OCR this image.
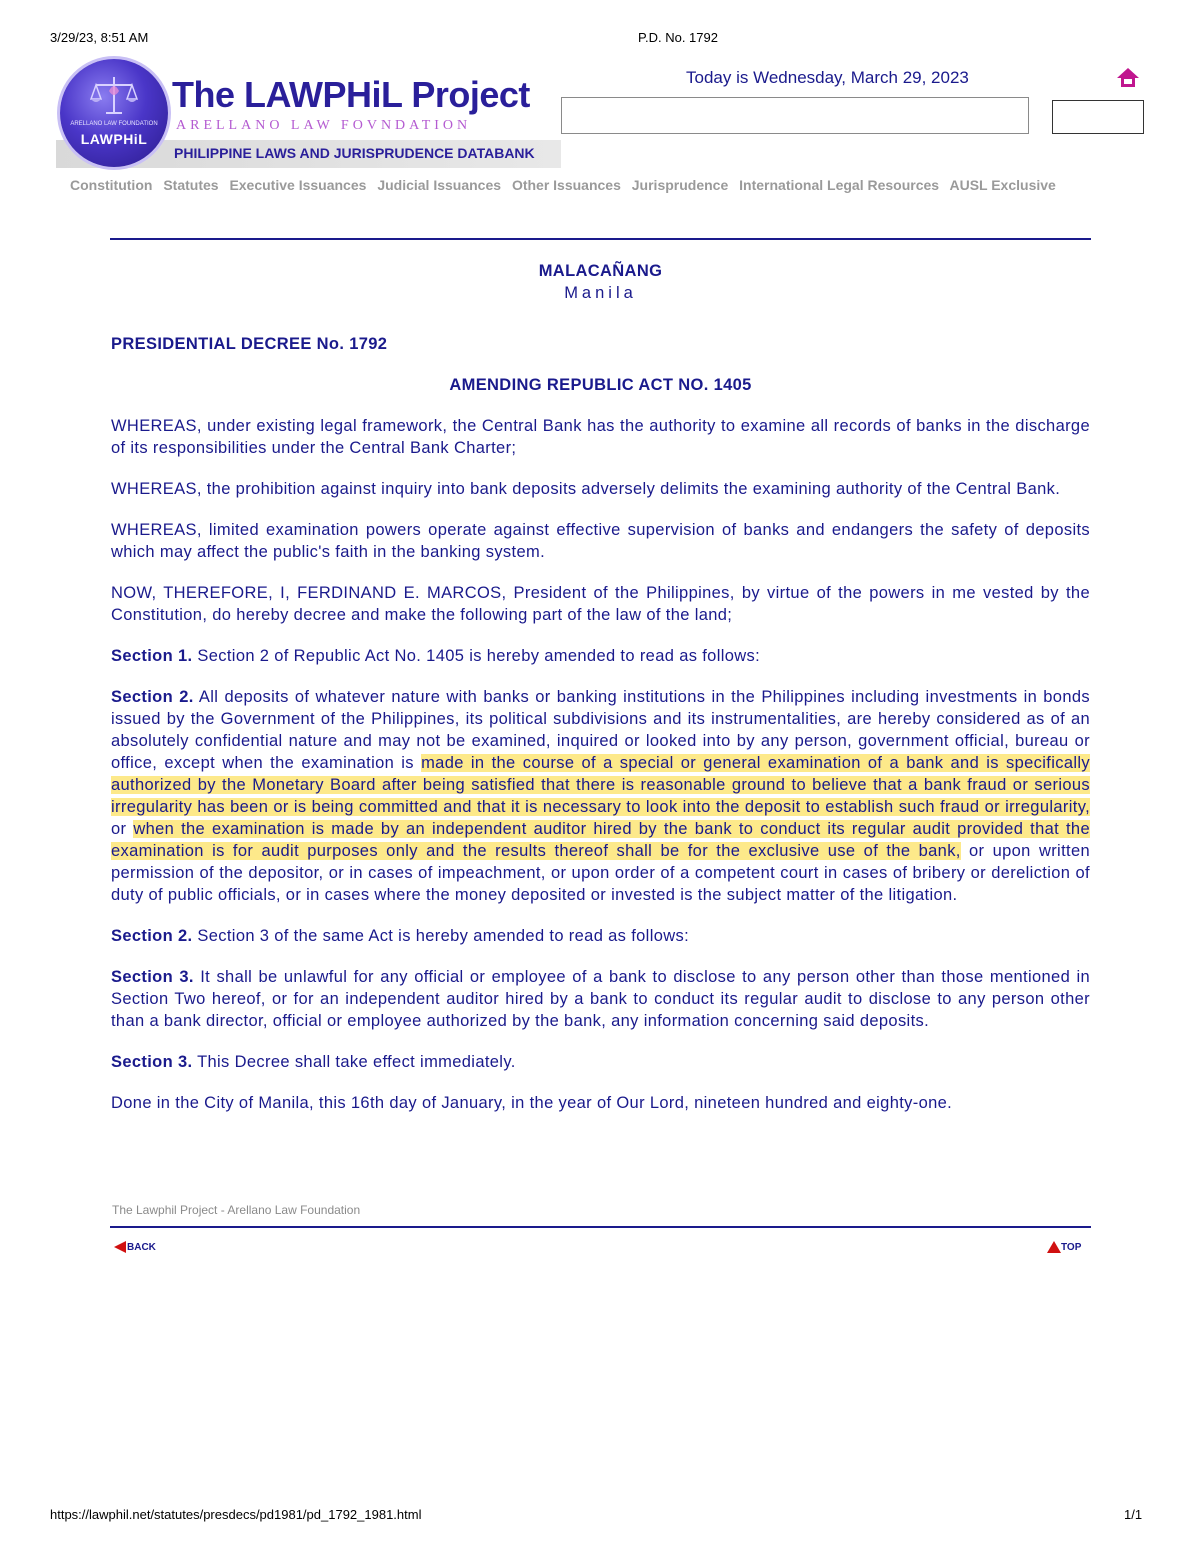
3/29/23, 8:51 AM	P.D. No. 1792
ARELLANO LAW FOUNDATION
LAWPHiL
The LAWPHiL Project
ARELLANO LAW FOVNDATION
PHILIPPINE LAWS AND JURISPRUDENCE DATABANK
Today is Wednesday, March 29, 2023
Constitution Statutes Executive Issuances Judicial Issuances Other Issuances Jurisprudence International Legal Resources AUSL Exclusive
MALACAÑANG
Manila
PRESIDENTIAL DECREE No. 1792
AMENDING REPUBLIC ACT NO. 1405

WHEREAS, under existing legal framework, the Central Bank has the authority to examine all records of banks in the discharge of its responsibilities under the Central Bank Charter;

WHEREAS, the prohibition against inquiry into bank deposits adversely delimits the examining authority of the Central Bank.

WHEREAS, limited examination powers operate against effective supervision of banks and endangers the safety of deposits which may affect the public's faith in the banking system.

NOW, THEREFORE, I, FERDINAND E. MARCOS, President of the Philippines, by virtue of the powers in me vested by the Constitution, do hereby decree and make the following part of the law of the land;

Section 1. Section 2 of Republic Act No. 1405 is hereby amended to read as follows:

Section 2. All deposits of whatever nature with banks or banking institutions in the Philippines including investments in bonds issued by the Government of the Philippines, its political subdivisions and its instrumentalities, are hereby considered as of an absolutely confidential nature and may not be examined, inquired or looked into by any person, government official, bureau or office, except when the examination is made in the course of a special or general examination of a bank and is specifically authorized by the Monetary Board after being satisfied that there is reasonable ground to believe that a bank fraud or serious irregularity has been or is being committed and that it is necessary to look into the deposit to establish such fraud or irregularity, or when the examination is made by an independent auditor hired by the bank to conduct its regular audit provided that the examination is for audit purposes only and the results thereof shall be for the exclusive use of the bank, or upon written permission of the depositor, or in cases of impeachment, or upon order of a competent court in cases of bribery or dereliction of duty of public officials, or in cases where the money deposited or invested is the subject matter of the litigation.

Section 2. Section 3 of the same Act is hereby amended to read as follows:

Section 3. It shall be unlawful for any official or employee of a bank to disclose to any person other than those mentioned in Section Two hereof, or for an independent auditor hired by a bank to conduct its regular audit to disclose to any person other than a bank director, official or employee authorized by the bank, any information concerning said deposits.

Section 3. This Decree shall take effect immediately.

Done in the City of Manila, this 16th day of January, in the year of Our Lord, nineteen hundred and eighty-one.

The Lawphil Project - Arellano Law Foundation
BACK	TOP
https://lawphil.net/statutes/presdecs/pd1981/pd_1792_1981.html	1/1
